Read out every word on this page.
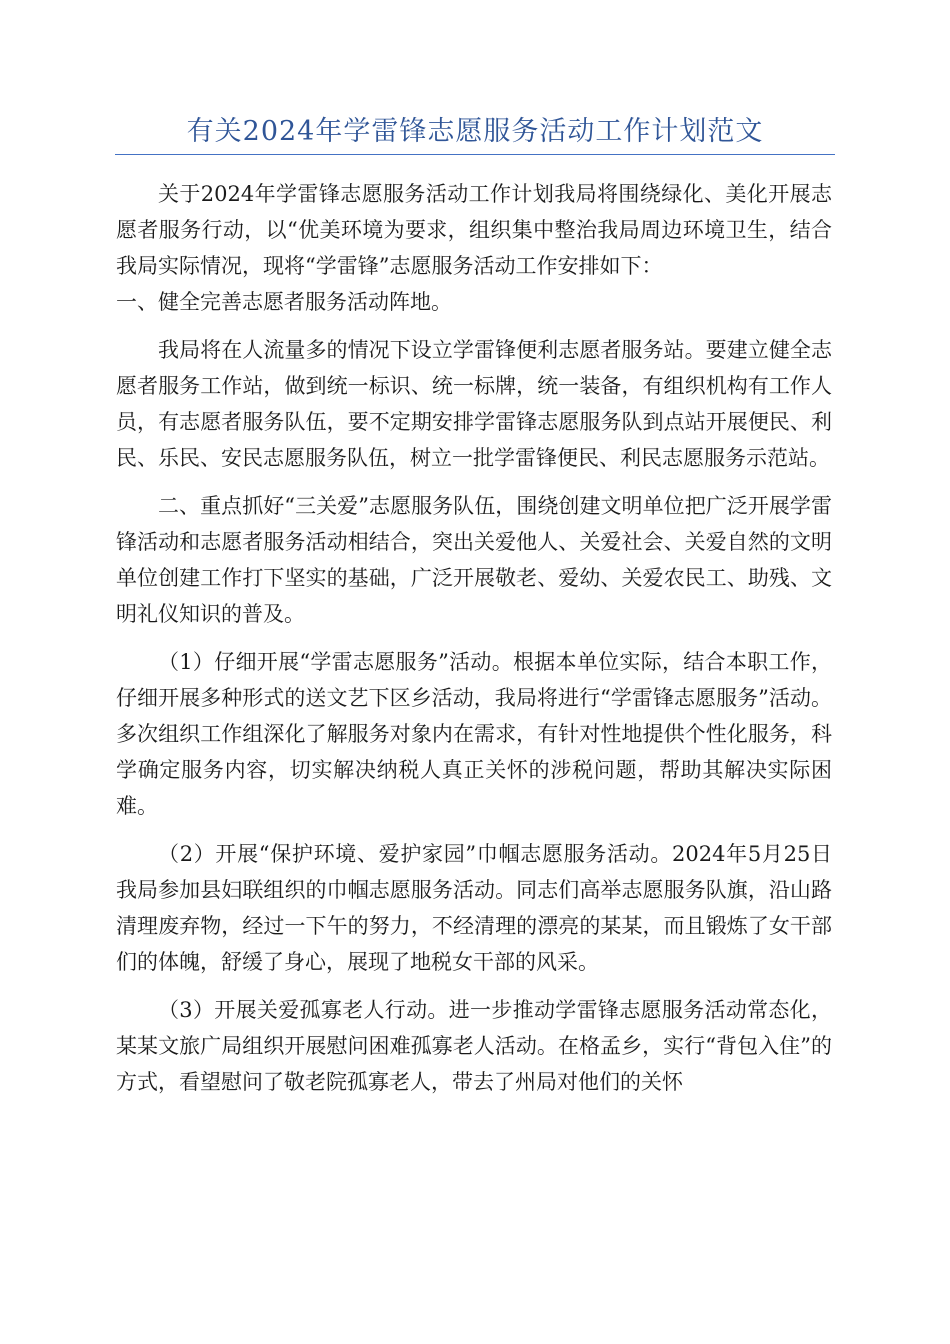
有关2024年学雷锋志愿服务活动工作计划范文

关于2024年学雷锋志愿服务活动工作计划我局将围绕绿化、美化开展志愿者服务行动，以“优美环境为要求，组织集中整治我局周边环境卫生，结合我局实际情况，现将“学雷锋”志愿服务活动工作安排如下：

一、健全完善志愿者服务活动阵地。

我局将在人流量多的情况下设立学雷锋便利志愿者服务站。要建立健全志愿者服务工作站，做到统一标识、统一标牌，统一装备，有组织机构有工作人员，有志愿者服务队伍，要不定期安排学雷锋志愿服务队到点站开展便民、利民、乐民、安民志愿服务队伍，树立一批学雷锋便民、利民志愿服务示范站。

二、重点抓好“三关爱”志愿服务队伍，围绕创建文明单位把广泛开展学雷锋活动和志愿者服务活动相结合，突出关爱他人、关爱社会、关爱自然的文明单位创建工作打下坚实的基础，广泛开展敬老、爱幼、关爱农民工、助残、文明礼仪知识的普及。

（1）仔细开展“学雷志愿服务”活动。根据本单位实际，结合本职工作，仔细开展多种形式的送文艺下区乡活动，我局将进行“学雷锋志愿服务”活动。多次组织工作组深化了解服务对象内在需求，有针对性地提供个性化服务，科学确定服务内容，切实解决纳税人真正关怀的涉税问题，帮助其解决实际困难。

（2）开展“保护环境、爱护家园”巾帼志愿服务活动。2024年5月25日我局参加县妇联组织的巾帼志愿服务活动。同志们高举志愿服务队旗，沿山路清理废弃物，经过一下午的努力，不经清理的漂亮的某某，而且锻炼了女干部们的体魄，舒缓了身心，展现了地税女干部的风采。

（3）开展关爱孤寡老人行动。进一步推动学雷锋志愿服务活动常态化，某某文旅广局组织开展慰问困难孤寡老人活动。在格孟乡，实行“背包入住”的方式，看望慰问了敬老院孤寡老人，带去了州局对他们的关怀
